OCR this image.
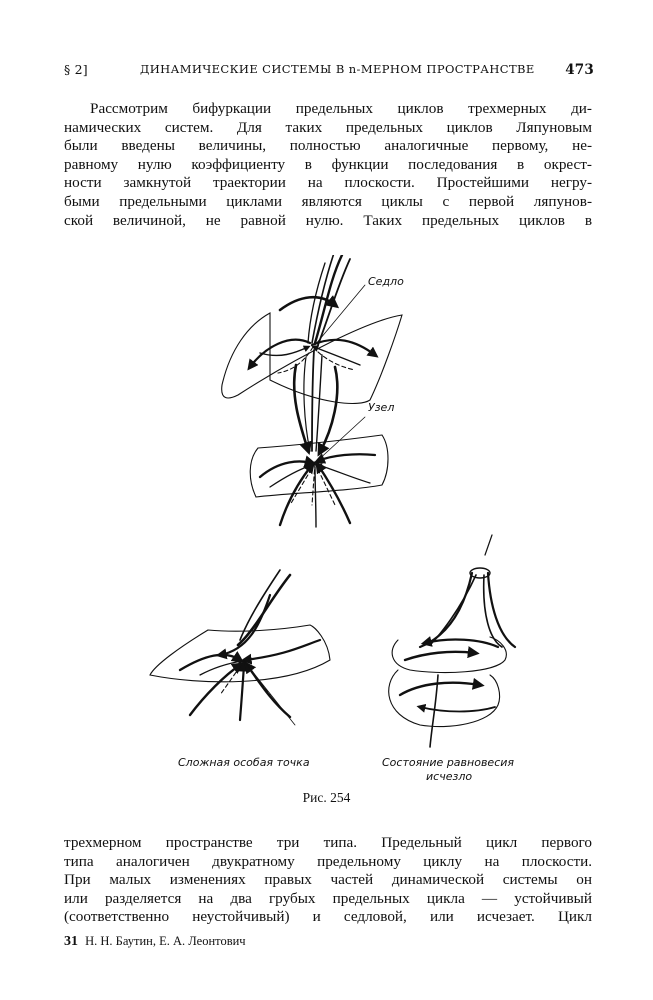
§ 2]	ДИНАМИЧЕСКИЕ СИСТЕМЫ В n-МЕРНОМ ПРОСТРАНСТВЕ 473
Рассмотрим бифуркации предельных циклов трехмерных ди-
намических систем. Для таких предельных циклов Ляпуновым
были введены величины, полностью аналогичные первому, не-
равному нулю коэффициенту в функции последования в окрест-
ности замкнутой траектории на плоскости. Простейшими негру-
быми предельными циклами являются циклы с первой ляпунов-
ской величиной, не равной нулю. Таких предельных циклов в
Седло
Узел
Сложная особая точка	Состояние равновесия
исчезло
Рис. 254
трехмерном пространстве три типа. Предельный цикл первого
типа аналогичен двукратному предельному циклу на плоскости.
При малых изменениях правых частей динамической системы он
или разделяется на два грубых предельных цикла — устойчивый
(соответственно неустойчивый) и седловой, или исчезает. Цикл
31 Н. Н. Баутин, Е. А. Леонтович
